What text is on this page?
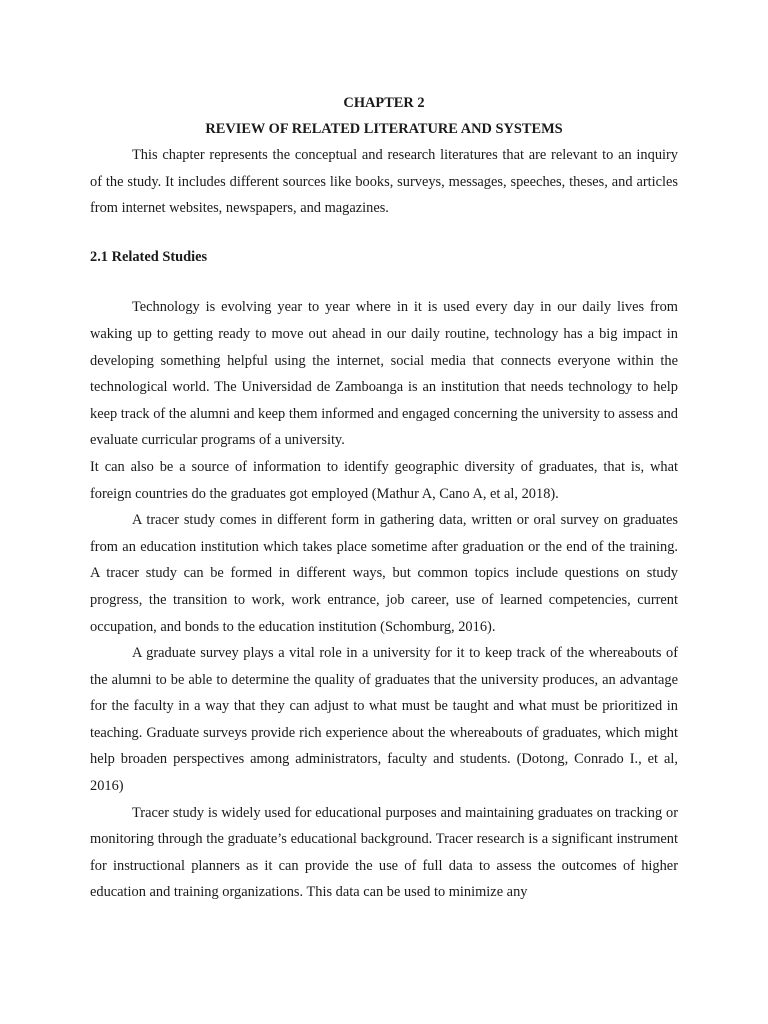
CHAPTER 2

REVIEW OF RELATED LITERATURE AND SYSTEMS

This chapter represents the conceptual and research literatures that are relevant to an inquiry of the study. It includes different sources like books, surveys, messages, speeches, theses, and articles from internet websites, newspapers, and magazines.

2.1 Related Studies

Technology is evolving year to year where in it is used every day in our daily lives from waking up to getting ready to move out ahead in our daily routine, technology has a big impact in developing something helpful using the internet, social media that connects everyone within the technological world. The Universidad de Zamboanga is an institution that needs technology to help keep track of the alumni and keep them informed and engaged concerning the university to assess and evaluate curricular programs of a university.

It can also be a source of information to identify geographic diversity of graduates, that is, what foreign countries do the graduates got employed (Mathur A, Cano A, et al, 2018).

A tracer study comes in different form in gathering data, written or oral survey on graduates from an education institution which takes place sometime after graduation or the end of the training. A tracer study can be formed in different ways, but common topics include questions on study progress, the transition to work, work entrance, job career, use of learned competencies, current occupation, and bonds to the education institution (Schomburg, 2016).

A graduate survey plays a vital role in a university for it to keep track of the whereabouts of the alumni to be able to determine the quality of graduates that the university produces, an advantage for the faculty in a way that they can adjust to what must be taught and what must be prioritized in teaching. Graduate surveys provide rich experience about the whereabouts of graduates, which might help broaden perspectives among administrators, faculty and students. (Dotong, Conrado I., et al, 2016)

Tracer study is widely used for educational purposes and maintaining graduates on tracking or monitoring through the graduate’s educational background. Tracer research is a significant instrument for instructional planners as it can provide the use of full data to assess the outcomes of higher education and training organizations. This data can be used to minimize any
